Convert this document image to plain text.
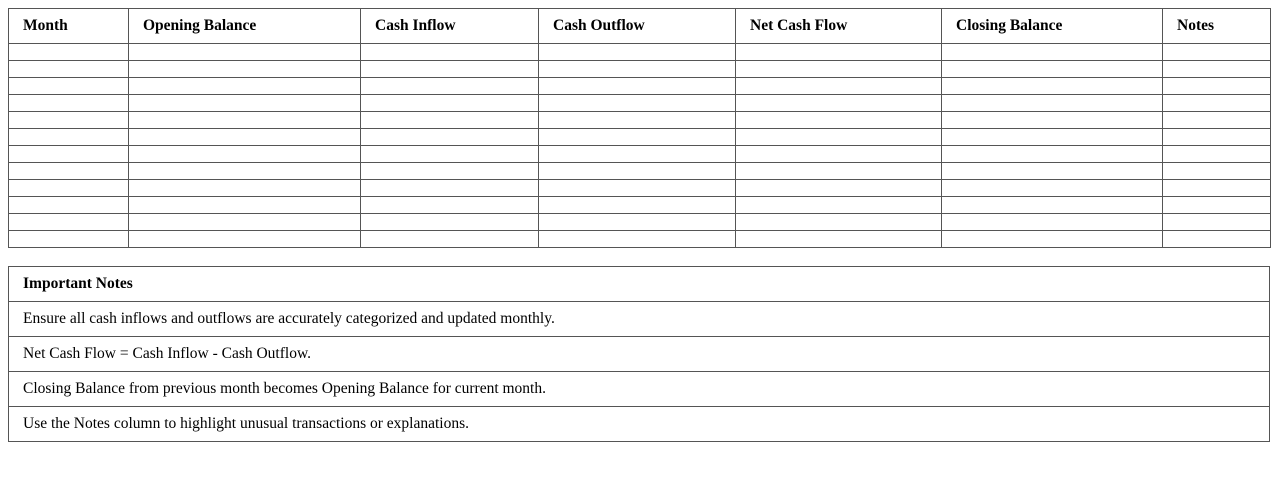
Month	Opening Balance	Cash Inflow	Cash Outflow	Net Cash Flow	Closing Balance	Notes

Important Notes
Ensure all cash inflows and outflows are accurately categorized and updated monthly.
Net Cash Flow = Cash Inflow - Cash Outflow.
Closing Balance from previous month becomes Opening Balance for current month.
Use the Notes column to highlight unusual transactions or explanations.
